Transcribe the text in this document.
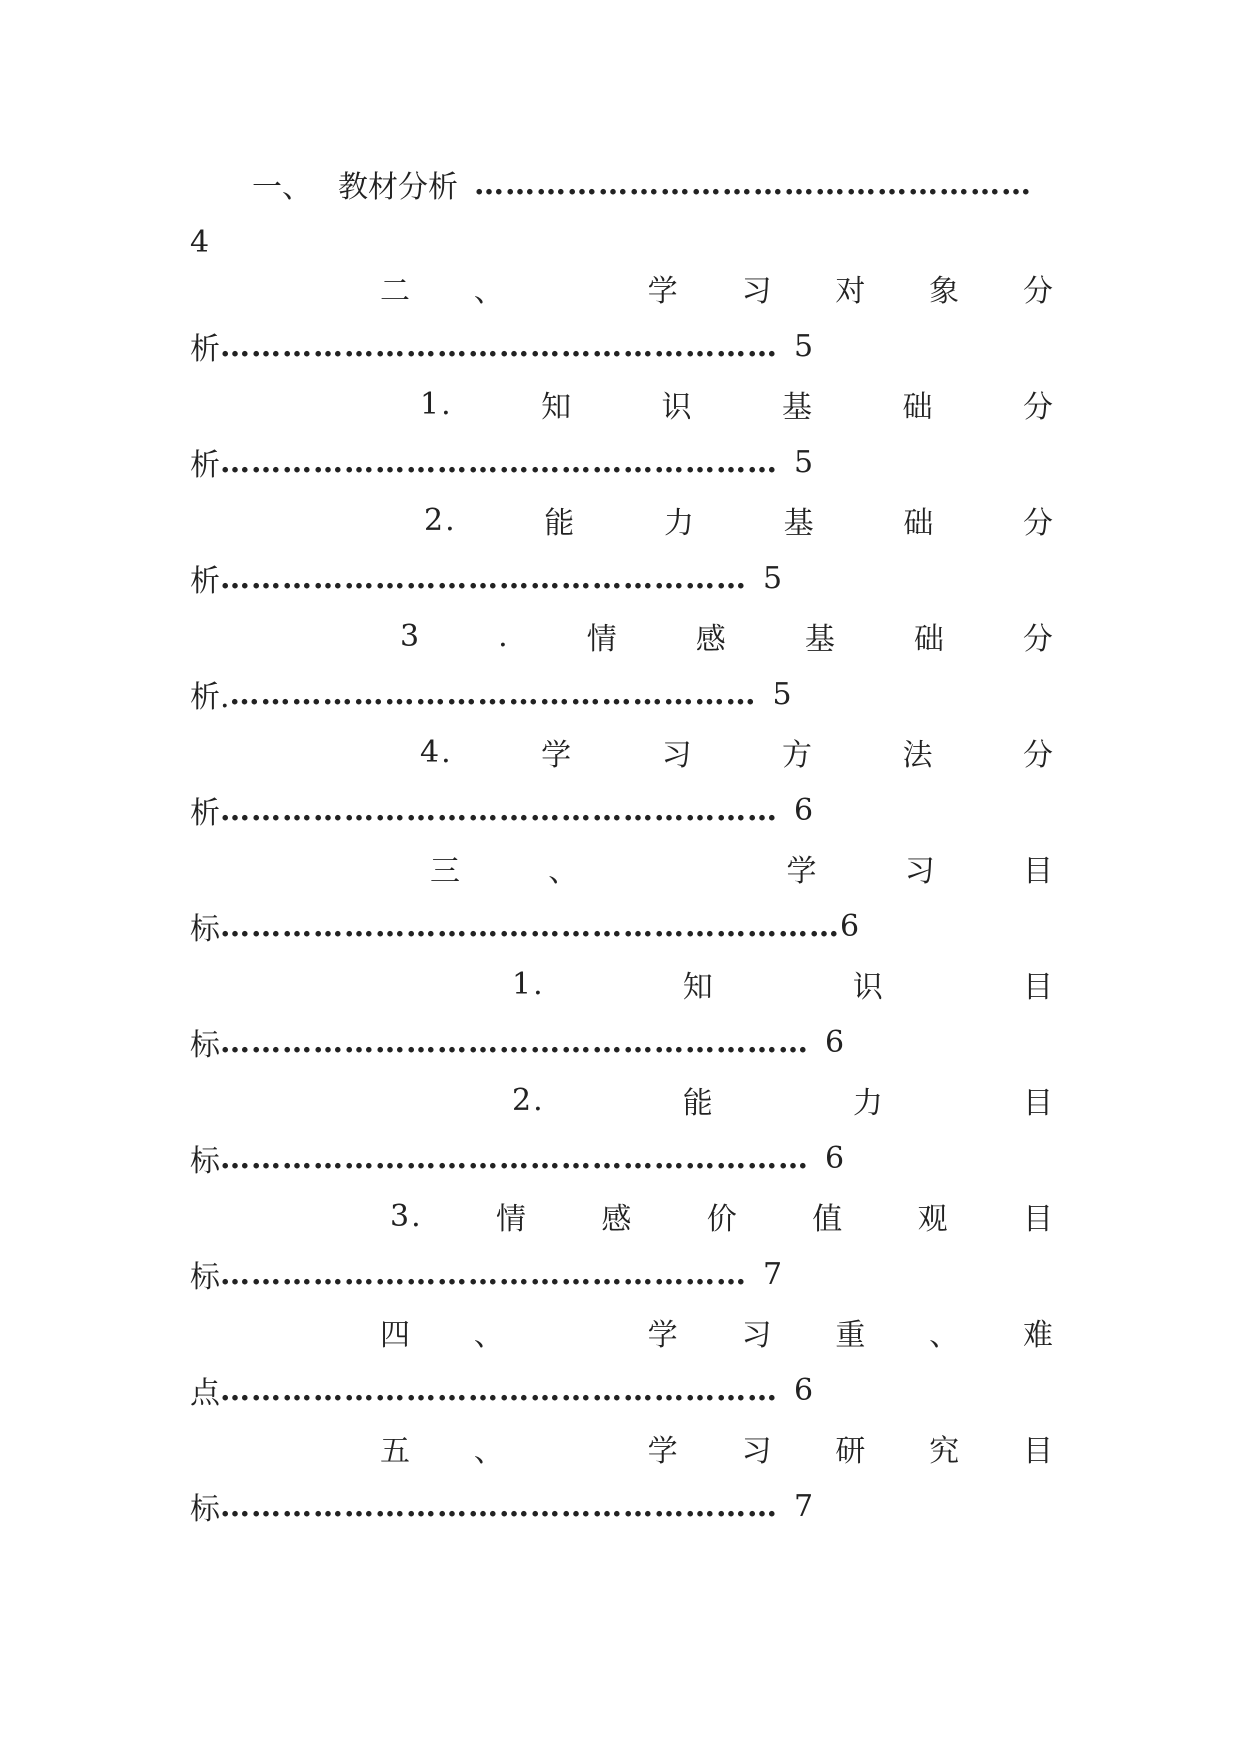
一、 教材分析 ………………………………………………
4
二 、	学 习 对 象 分
析 ……………………………………………… 5
1.	知	识	基	础	分
析 ……………………………………………… 5
2.	能	力	基	础	分
析 …………………………………………… 5
3	.	情	感	基	础	分
析. …………………………………………… 5
4.	学	习	方	法	分
析 ……………………………………………… 6
三	、	学	习	目
标 …………………………………………………… 6
1.	知	识	目
标 ………………………………………………… 6
2.	能	力	目
标 ………………………………………………… 6
3. 情 感 价 值 观 目
标 …………………………………………… 7
四 、	学 习 重 、 难
点 ……………………………………………… 6
五 、	学 习 研 究 目
标 ……………………………………………… 7
